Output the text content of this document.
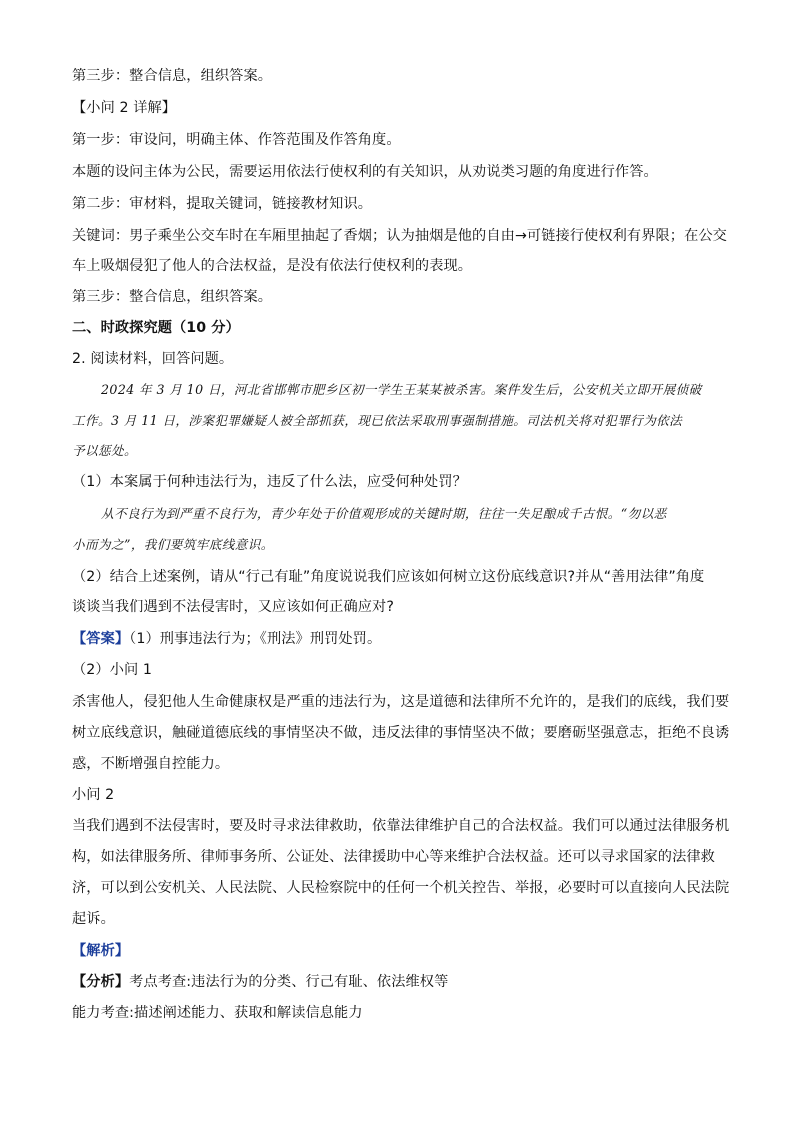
第三步：整合信息，组织答案。
【小问 2 详解】
第一步：审设问，明确主体、作答范围及作答角度。
本题的设问主体为公民，需要运用依法行使权利的有关知识，从劝说类习题的角度进行作答。
第二步：审材料，提取关键词，链接教材知识。
关键词：男子乘坐公交车时在车厢里抽起了香烟；认为抽烟是他的自由→可链接行使权利有界限；在公交
车上吸烟侵犯了他人的合法权益，是没有依法行使权利的表现。
第三步：整合信息，组织答案。
二、时政探究题（10 分）
2. 阅读材料，回答问题。
2024 年 3 月 10 日，河北省邯郸市肥乡区初一学生王某某被杀害。案件发生后，公安机关立即开展侦破
工作。3 月 11 日，涉案犯罪嫌疑人被全部抓获，现已依法采取刑事强制措施。司法机关将对犯罪行为依法
予以惩处。
（1）本案属于何种违法行为，违反了什么法，应受何种处罚？
从不良行为到严重不良行为，青少年处于价值观形成的关键时期，往往一失足酿成千古恨。“勿以恶
小而为之”，我们要筑牢底线意识。
（2）结合上述案例，请从“行己有耻”角度说说我们应该如何树立这份底线意识?并从“善用法律”角度
谈谈当我们遇到不法侵害时，又应该如何正确应对?
【答案】（1）刑事违法行为；《刑法》刑罚处罚。
（2）小问 1
杀害他人，侵犯他人生命健康权是严重的违法行为，这是道德和法律所不允许的，是我们的底线，我们要
树立底线意识，触碰道德底线的事情坚决不做，违反法律的事情坚决不做；要磨砺坚强意志，拒绝不良诱
惑，不断增强自控能力。
小问 2
当我们遇到不法侵害时，要及时寻求法律救助，依靠法律维护自己的合法权益。我们可以通过法律服务机
构，如法律服务所、律师事务所、公证处、法律援助中心等来维护合法权益。还可以寻求国家的法律救
济，可以到公安机关、人民法院、人民检察院中的任何一个机关控告、举报，必要时可以直接向人民法院
起诉。
【解析】
【分析】考点考查:违法行为的分类、行己有耻、依法维权等
能力考查:描述阐述能力、获取和解读信息能力
